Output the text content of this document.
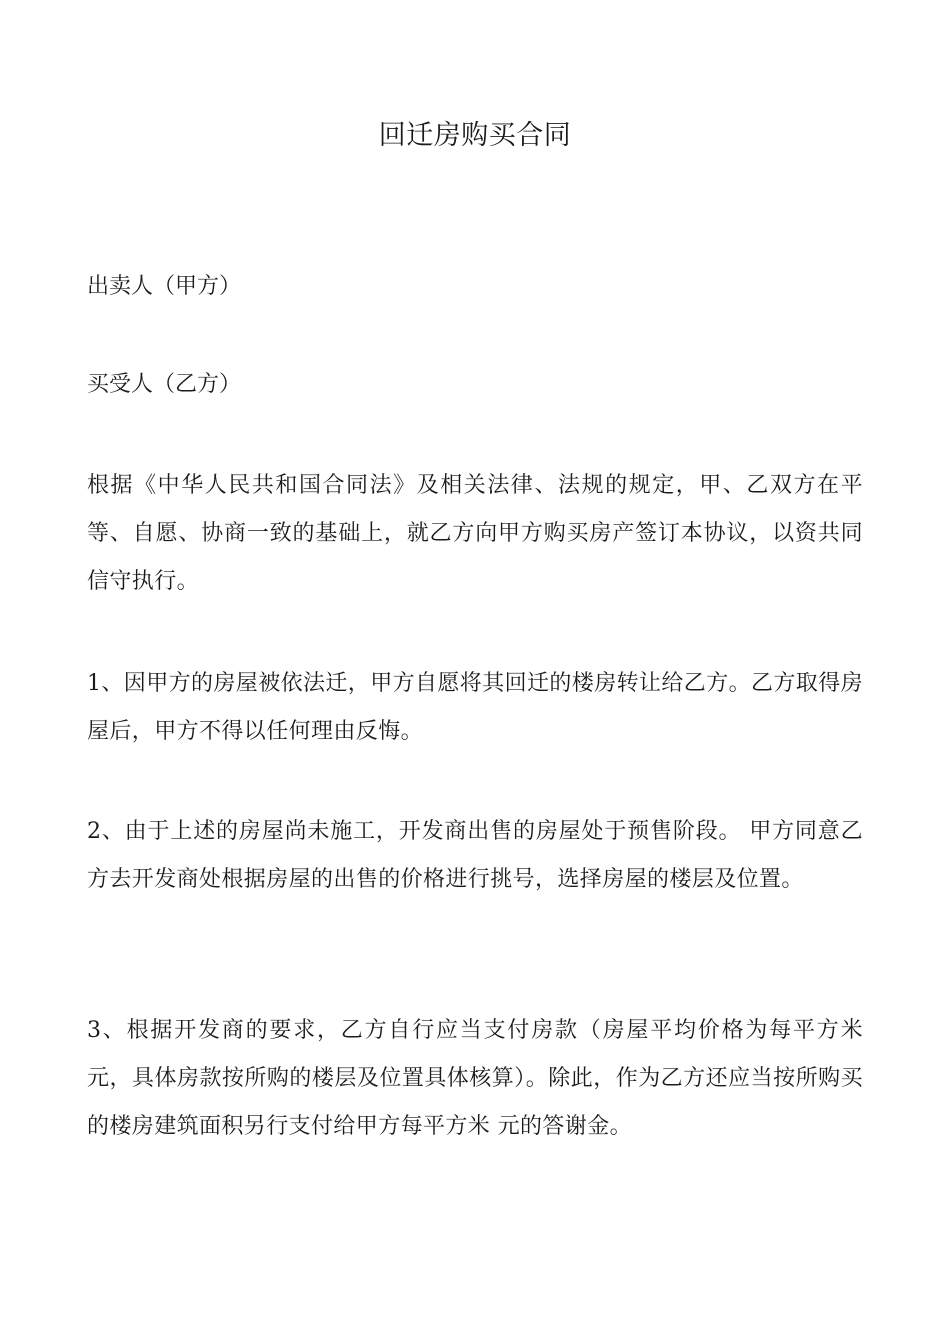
回迁房购买合同

出卖人（甲方）

买受人（乙方）

根据《中华人民共和国合同法》及相关法律、法规的规定，甲、乙双方在平等、自愿、协商一致的基础上，就乙方向甲方购买房产签订本协议，以资共同信守执行。

1、因甲方的房屋被依法迁，甲方自愿将其回迁的楼房转让给乙方。乙方取得房屋后，甲方不得以任何理由反悔。

2、由于上述的房屋尚未施工，开发商出售的房屋处于预售阶段。 甲方同意乙方去开发商处根据房屋的出售的价格进行挑号，选择房屋的楼层及位置。

3、根据开发商的要求，乙方自行应当支付房款（房屋平均价格为每平方米 元，具体房款按所购的楼层及位置具体核算）。除此，作为乙方还应当按所购买的楼房建筑面积另行支付给甲方每平方米 元的答谢金。
